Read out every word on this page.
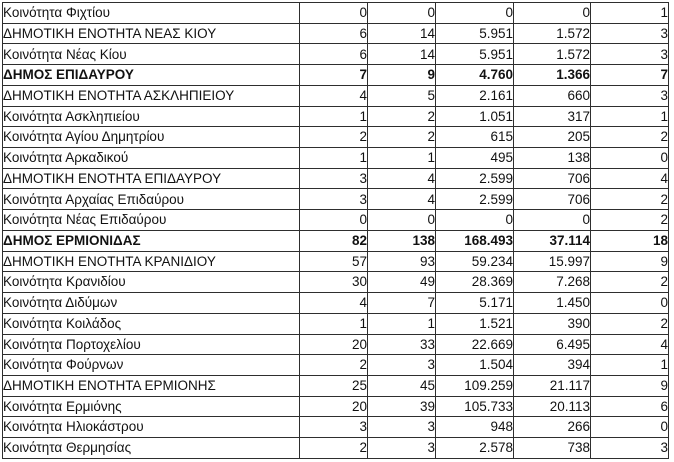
Κοινότητα Φιχτίου	0	0	0	0	1
ΔΗΜΟΤΙΚΗ ΕΝΟΤΗΤΑ ΝΕΑΣ ΚΙΟΥ	6	14	5.951	1.572	3
Κοινότητα Νέας Κίου	6	14	5.951	1.572	3
ΔΗΜΟΣ ΕΠΙΔΑΥΡΟΥ	7	9	4.760	1.366	7
ΔΗΜΟΤΙΚΗ ΕΝΟΤΗΤΑ ΑΣΚΛΗΠΙΕΙΟΥ	4	5	2.161	660	3
Κοινότητα Ασκληπιείου	1	2	1.051	317	1
Κοινότητα Αγίου Δημητρίου	2	2	615	205	2
Κοινότητα Αρκαδικού	1	1	495	138	0
ΔΗΜΟΤΙΚΗ ΕΝΟΤΗΤΑ ΕΠΙΔΑΥΡΟΥ	3	4	2.599	706	4
Κοινότητα Αρχαίας Επιδαύρου	3	4	2.599	706	2
Κοινότητα Νέας Επιδαύρου	0	0	0	0	2
ΔΗΜΟΣ ΕΡΜΙΟΝΙΔΑΣ	82	138	168.493	37.114	18
ΔΗΜΟΤΙΚΗ ΕΝΟΤΗΤΑ ΚΡΑΝΙΔΙΟΥ	57	93	59.234	15.997	9
Κοινότητα Κρανιδίου	30	49	28.369	7.268	2
Κοινότητα Διδύμων	4	7	5.171	1.450	0
Κοινότητα Κοιλάδος	1	1	1.521	390	2
Κοινότητα Πορτοχελίου	20	33	22.669	6.495	4
Κοινότητα Φούρνων	2	3	1.504	394	1
ΔΗΜΟΤΙΚΗ ΕΝΟΤΗΤΑ ΕΡΜΙΟΝΗΣ	25	45	109.259	21.117	9
Κοινότητα Ερμιόνης	20	39	105.733	20.113	6
Κοινότητα Ηλιοκάστρου	3	3	948	266	0
Κοινότητα Θερμησίας	2	3	2.578	738	3
